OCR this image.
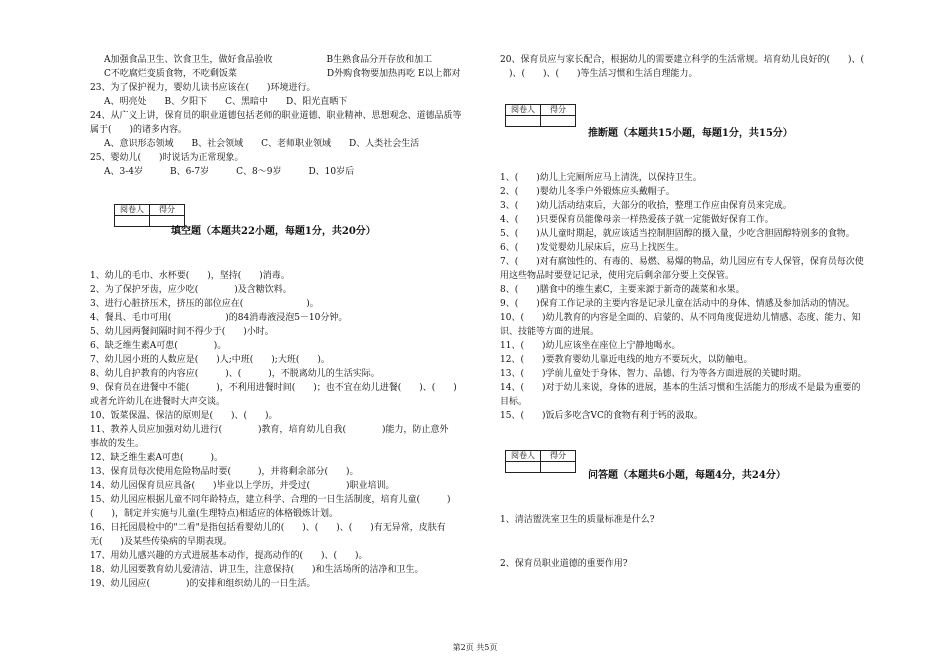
A加强食品卫生、饮食卫生，做好食品验收　　　　　　B生熟食品分开存放和加工
C不吃腐烂变质食物，不吃剩饭菜　　　　　　　　　　D外购食物要加热再吃 E以上都对
23、为了保护视力，婴幼儿读书应该在(　　)环境进行。
A、明亮处　　B、夕阳下　　C、黑暗中　　D、阳光直晒下
24、从广义上讲，保育员的职业道德包括老师的职业道德、职业精神、思想观念、道德品质等
属于(　　)的诸多内容。
A、意识形态领域　　B、社会领域　　C、老师职业领域　　D、人类社会生活
25、婴幼儿(　　)时说话为正常现象。
A、3-4岁　　　B、6-7岁　　　C、8～9岁　　　D、10岁后
阅卷人	得分

填空题（本题共22小题，每题1分，共20分）
1、幼儿的毛巾、水杯要(　　)，坚持(　　)消毒。
2、为了保护牙齿，应少吃(　　　　)及含糖饮料。
3、进行心脏挤压术，挤压的部位应在(　　　　　　　)。
4、餐具、毛巾可用(　　　　　　)的84消毒液浸泡5－10分钟。
5、幼儿园两餐间隔时间不得少于(　　)小时。
6、缺乏维生素A可患(　　　　)。
7、幼儿园小班的人数应是(　　)人;中班(　　);大班(　　)。
8、幼儿自护教育的内容应(　　　)、(　　　)，不脱离幼儿的生活实际。
9、保育员在进餐中不能(　　　)，不利用进餐时间(　　)；也不宜在幼儿进餐(　　)、(　　)
或者允许幼儿在进餐时大声交谈。
10、饭菜保温、保洁的原则是(　　)、(　　)。
11、教养人员应加强对幼儿进行(　　　　)教育，培育幼儿自我(　　　　)能力，防止意外
事故的发生。
12、缺乏维生素A可患(　　　)。
13、保育员每次使用危险物品时要(　　　)，并将剩余部分(　　)。
14、幼儿园保育员应具备(　　)毕业以上学历，并受过(　　　　)职业培训。
15、幼儿园应根据儿童不同年龄特点，建立科学、合理的一日生活制度，培育儿童(　　　)
(　　)，制定并实施与儿童(生理特点)相适应的体格锻炼计划。
16、日托园晨检中的"二看"是指包括看婴幼儿的(　　)、(　　)、(　　)有无异常，皮肤有
无(　　)及某些传染病的早期表现。
17、用幼儿感兴趣的方式进展基本动作，提高动作的(　　)、(　　)。
18、幼儿园要教育幼儿爱清洁、讲卫生，注意保持(　　)和生活场所的洁净和卫生。
19、幼儿园应(　　　　)的安排和组织幼儿的一日生活。
20、保育员应与家长配合，根据幼儿的需要建立科学的生活常规。培育幼儿良好的(　　)、(
　)、(　　)、(　　)等生活习惯和生活自理能力。
阅卷人	得分

推断题（本题共15小题，每题1分，共15分）
1、(　　)幼儿上完厕所应马上清洗，以保持卫生。
2、(　　)婴幼儿冬季户外锻炼应头戴帽子。
3、(　　)幼儿活动结束后，大部分的收拾，整理工作应由保育员来完成。
4、(　　)只要保育员能像母亲一样热爱孩子就一定能做好保育工作。
5、(　　)从儿童时期起，就应该适当控制胆固醇的摄入量，少吃含胆固醇特别多的食物。
6、(　　)发觉婴幼儿尿床后，应马上找医生。
7、(　　)对有腐蚀性的、有毒的、易燃、易爆的物品，幼儿园应有专人保管，保育员每次使
用这些物品时要登记记录，使用完后剩余部分要上交保管。
8、(　　)膳食中的维生素C，主要来源于新奇的蔬菜和水果。
9、(　　)保育工作记录的主要内容是记录儿童在活动中的身体、情感及参加活动的情况。
10、(　　)幼儿教育的内容是全面的、启蒙的、从不同角度促进幼儿情感、态度、能力、知
识、技能等方面的进展。
11、(　　)幼儿应该坐在座位上宁静地喝水。
12、(　　)要教育婴幼儿靠近电线的地方不要玩火，以防触电。
13、(　　)学前儿童处于身体、智力、品德、行为等各方面进展的关键时期。
14、(　　)对于幼儿来说，身体的进展，基本的生活习惯和生活能力的形成不是最为重要的
目标。
15、(　　)饭后多吃含VC的食物有利于钙的汲取。
阅卷人	得分

问答题（本题共6小题，每题4分，共24分）
1、清洁盥洗室卫生的质量标准是什么?
2、保育员职业道德的重要作用?
第2页 共5页
